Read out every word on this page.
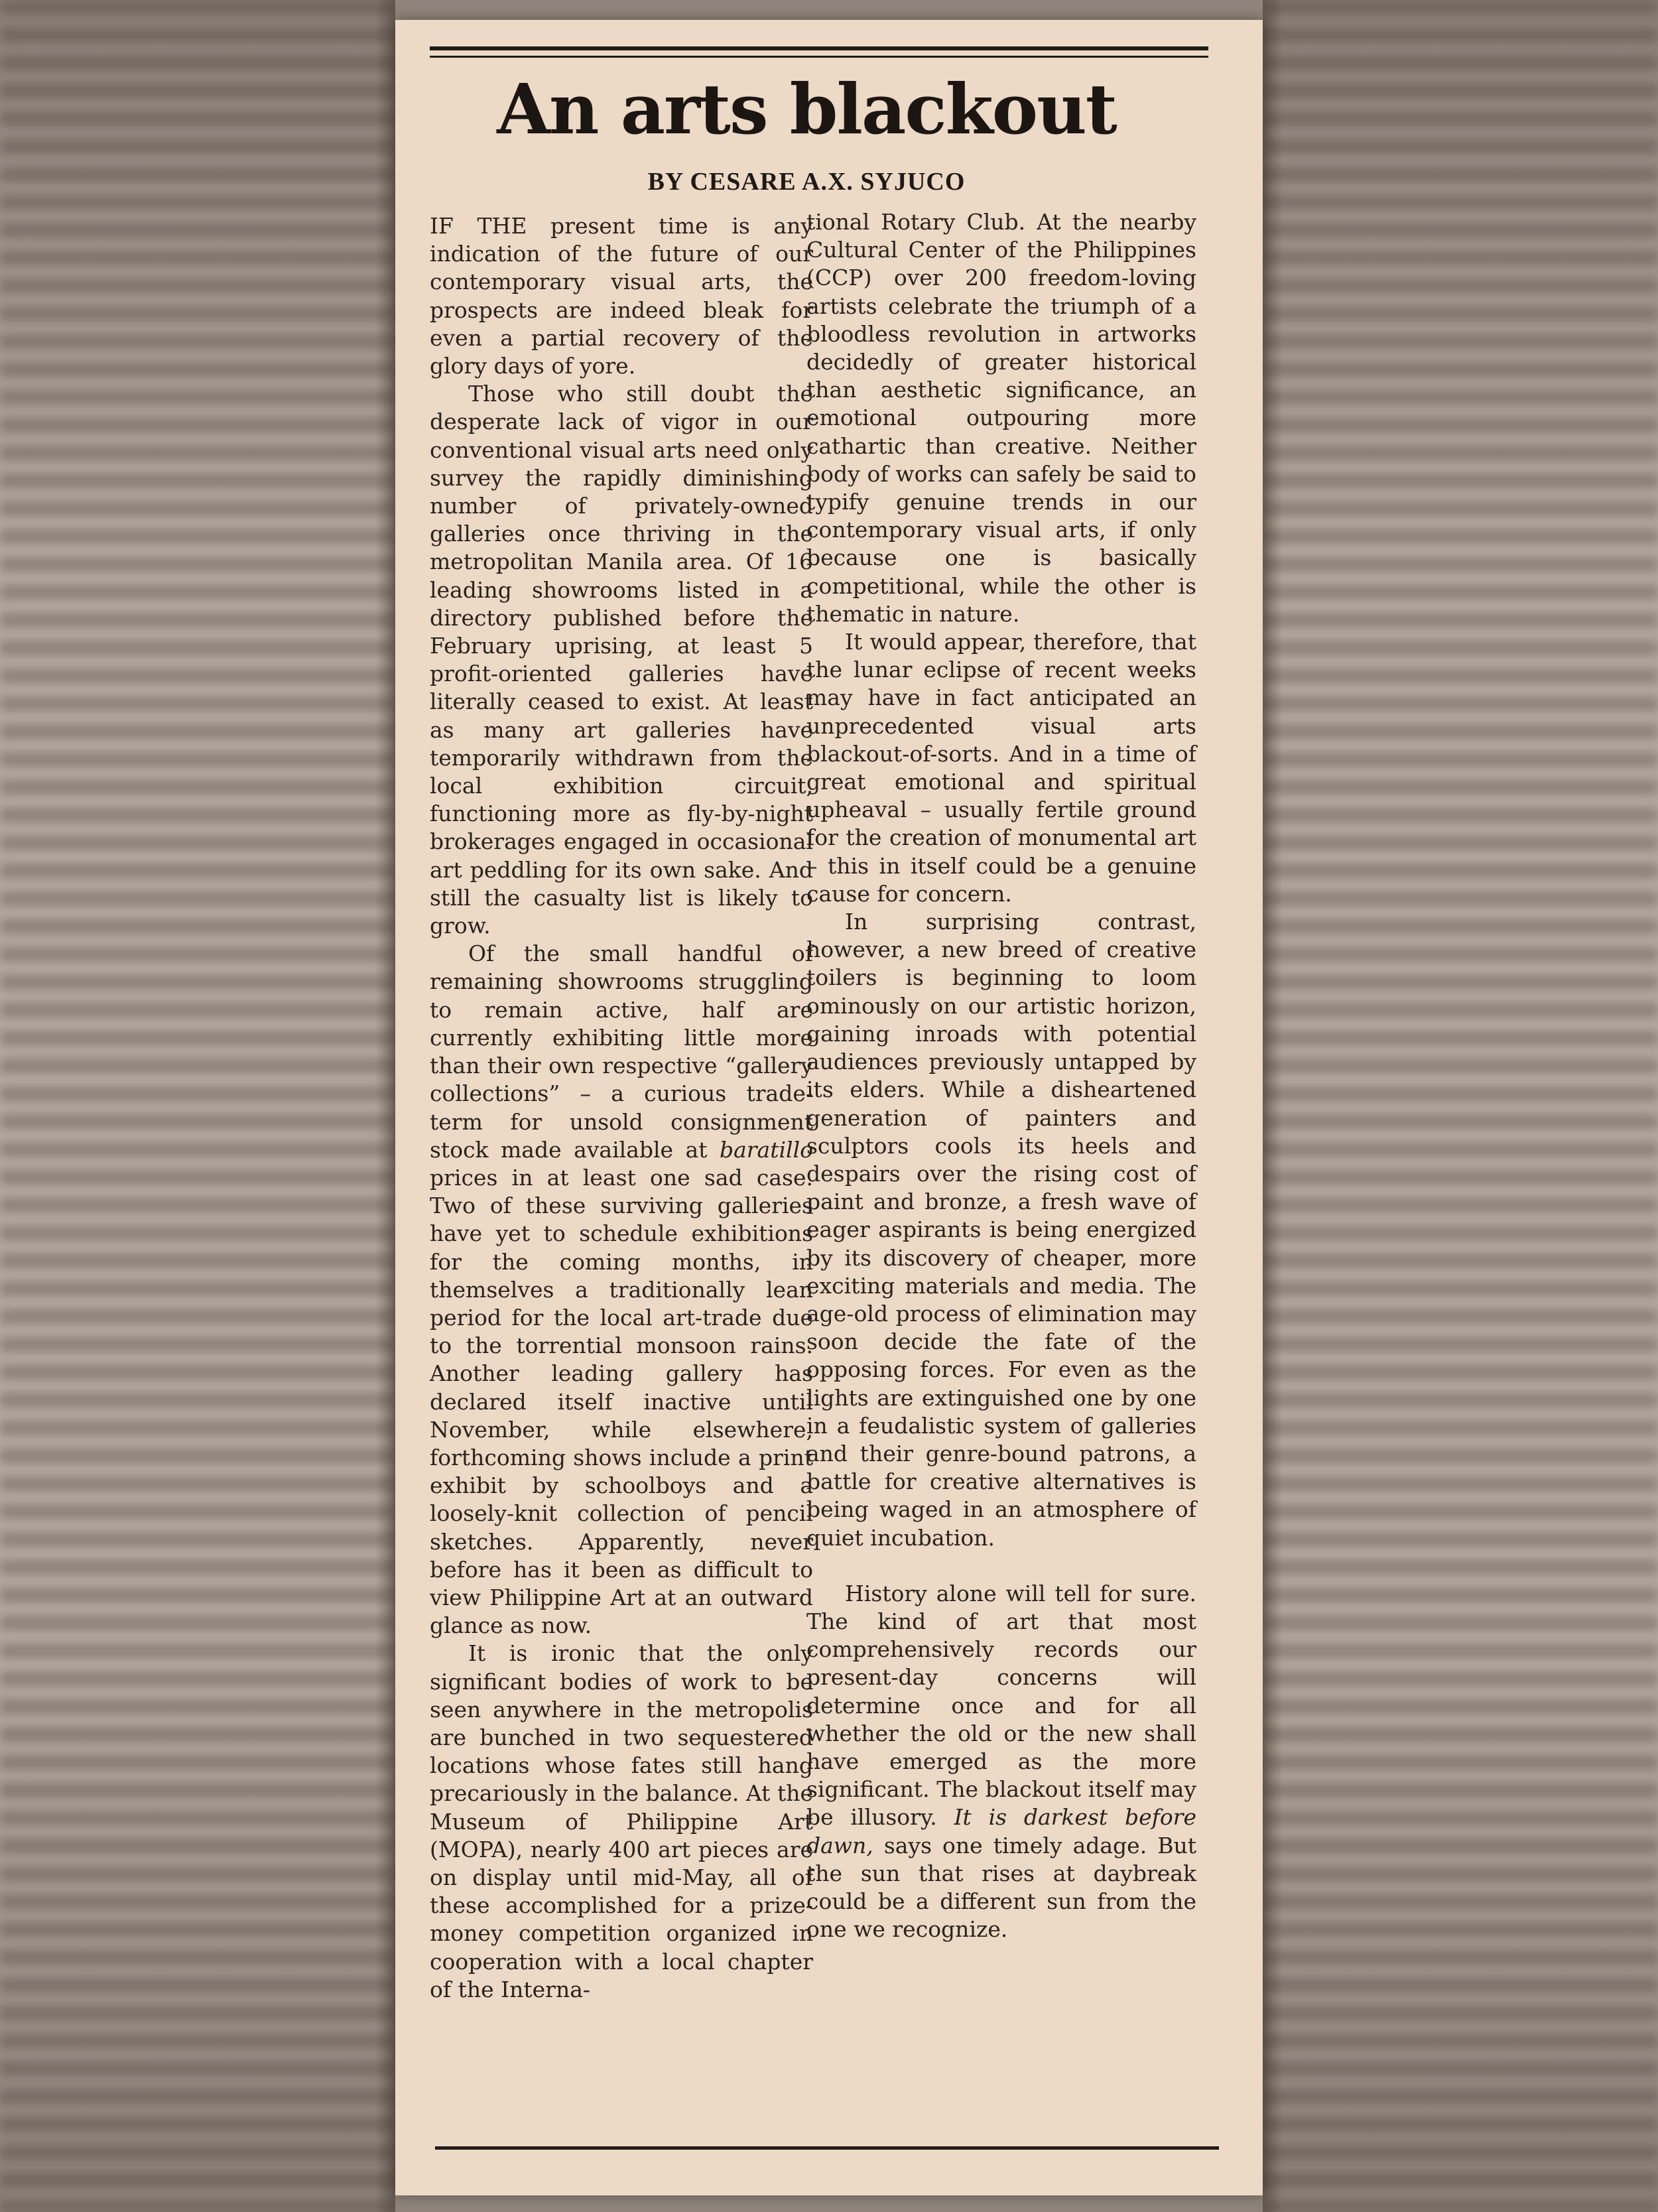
An arts blackout
BY CESARE A.X. SYJUCO

IF THE present time is any indication of the future of our contemporary visual arts, the prospects are indeed bleak for even a partial recovery of the glory days of yore.

Those who still doubt the desperate lack of vigor in our conventional visual arts need only survey the rapidly diminishing number of privately-owned galleries once thriving in the metropolitan Manila area. Of 16 leading showrooms listed in a directory published before the February uprising, at least 5 profit-oriented galleries have literally ceased to exist. At least as many art galleries have temporarily withdrawn from the local exhibition circuit, functioning more as fly-by-night brokerages engaged in occasional art peddling for its own sake. And still the casualty list is likely to grow.

Of the small handful of remaining showrooms struggling to remain active, half are currently exhibiting little more than their own respective “gallery collections” – a curious trade-term for unsold consignment stock made available at baratillo prices in at least one sad case. Two of these surviving galleries have yet to schedule exhibitions for the coming months, in themselves a traditionally lean period for the local art-trade due to the torrential monsoon rains. Another leading gallery has declared itself inactive until November, while elsewhere, forthcoming shows include a print exhibit by schoolboys and a loosely-knit collection of pencil sketches. Apparently, never before has it been as difficult to view Philippine Art at an outward glance as now.

It is ironic that the only significant bodies of work to be seen anywhere in the metropolis are bunched in two sequestered locations whose fates still hang precariously in the balance. At the Museum of Philippine Art (MOPA), nearly 400 art pieces are on display until mid-May, all of these accomplished for a prize-money competition organized in cooperation with a local chapter of the Interna-

tional Rotary Club. At the nearby Cultural Center of the Philippines (CCP) over 200 freedom-loving artists celebrate the triumph of a bloodless revolution in artworks decidedly of greater historical than aesthetic significance, an emotional outpouring more cathartic than creative. Neither body of works can safely be said to typify genuine trends in our contemporary visual arts, if only because one is basically competitional, while the other is thematic in nature.

It would appear, therefore, that the lunar eclipse of recent weeks may have in fact anticipated an unprecedented visual arts blackout-of-sorts. And in a time of great emotional and spiritual upheaval – usually fertile ground for the creation of monumental art – this in itself could be a genuine cause for concern.

In surprising contrast, however, a new breed of creative toilers is beginning to loom ominously on our artistic horizon, gaining inroads with potential audiences previously untapped by its elders. While a disheartened generation of painters and sculptors cools its heels and despairs over the rising cost of paint and bronze, a fresh wave of eager aspirants is being energized by its discovery of cheaper, more exciting materials and media. The age-old process of elimination may soon decide the fate of the opposing forces. For even as the lights are extinguished one by one in a feudalistic system of galleries and their genre-bound patrons, a battle for creative alternatives is being waged in an atmosphere of quiet incubation.

History alone will tell for sure. The kind of art that most comprehensively records our present-day concerns will determine once and for all whether the old or the new shall have emerged as the more significant. The blackout itself may be illusory. It is darkest before dawn, says one timely adage. But the sun that rises at daybreak could be a different sun from the one we recognize.
